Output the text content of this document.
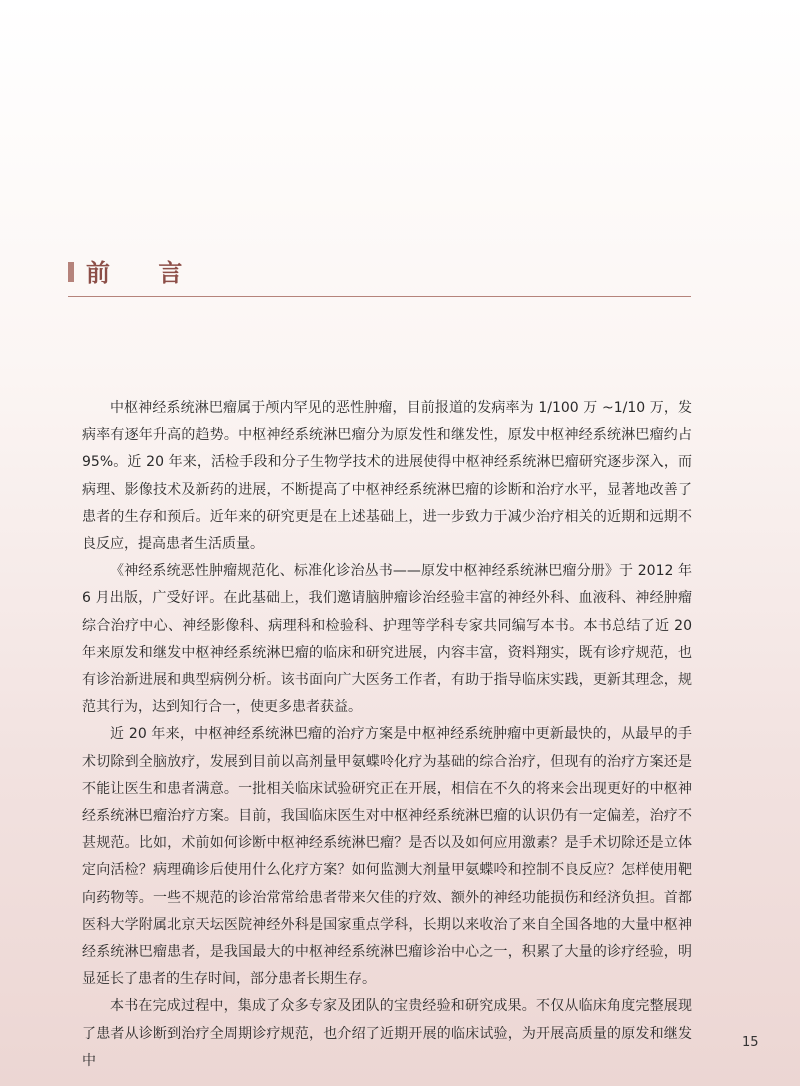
前 言

中枢神经系统淋巴瘤属于颅内罕见的恶性肿瘤，目前报道的发病率为 1/100 万 ~1/10 万，发病率有逐年升高的趋势。中枢神经系统淋巴瘤分为原发性和继发性，原发中枢神经系统淋巴瘤约占 95%。近 20 年来，活检手段和分子生物学技术的进展使得中枢神经系统淋巴瘤研究逐步深入，而病理、影像技术及新药的进展，不断提高了中枢神经系统淋巴瘤的诊断和治疗水平，显著地改善了患者的生存和预后。近年来的研究更是在上述基础上，进一步致力于减少治疗相关的近期和远期不良反应，提高患者生活质量。

《神经系统恶性肿瘤规范化、标准化诊治丛书——原发中枢神经系统淋巴瘤分册》于 2012 年 6 月出版，广受好评。在此基础上，我们邀请脑肿瘤诊治经验丰富的神经外科、血液科、神经肿瘤综合治疗中心、神经影像科、病理科和检验科、护理等学科专家共同编写本书。本书总结了近 20 年来原发和继发中枢神经系统淋巴瘤的临床和研究进展，内容丰富，资料翔实，既有诊疗规范，也有诊治新进展和典型病例分析。该书面向广大医务工作者，有助于指导临床实践，更新其理念，规范其行为，达到知行合一，使更多患者获益。

近 20 年来，中枢神经系统淋巴瘤的治疗方案是中枢神经系统肿瘤中更新最快的，从最早的手术切除到全脑放疗，发展到目前以高剂量甲氨蝶呤化疗为基础的综合治疗，但现有的治疗方案还是不能让医生和患者满意。一批相关临床试验研究正在开展，相信在不久的将来会出现更好的中枢神经系统淋巴瘤治疗方案。目前，我国临床医生对中枢神经系统淋巴瘤的认识仍有一定偏差，治疗不甚规范。比如，术前如何诊断中枢神经系统淋巴瘤？是否以及如何应用激素？是手术切除还是立体定向活检？病理确诊后使用什么化疗方案？如何监测大剂量甲氨蝶呤和控制不良反应？怎样使用靶向药物等。一些不规范的诊治常常给患者带来欠佳的疗效、额外的神经功能损伤和经济负担。首都医科大学附属北京天坛医院神经外科是国家重点学科，长期以来收治了来自全国各地的大量中枢神经系统淋巴瘤患者，是我国最大的中枢神经系统淋巴瘤诊治中心之一，积累了大量的诊疗经验，明显延长了患者的生存时间，部分患者长期生存。

本书在完成过程中，集成了众多专家及团队的宝贵经验和研究成果。不仅从临床角度完整展现了患者从诊断到治疗全周期诊疗规范，也介绍了近期开展的临床试验，为开展高质量的原发和继发中

15
